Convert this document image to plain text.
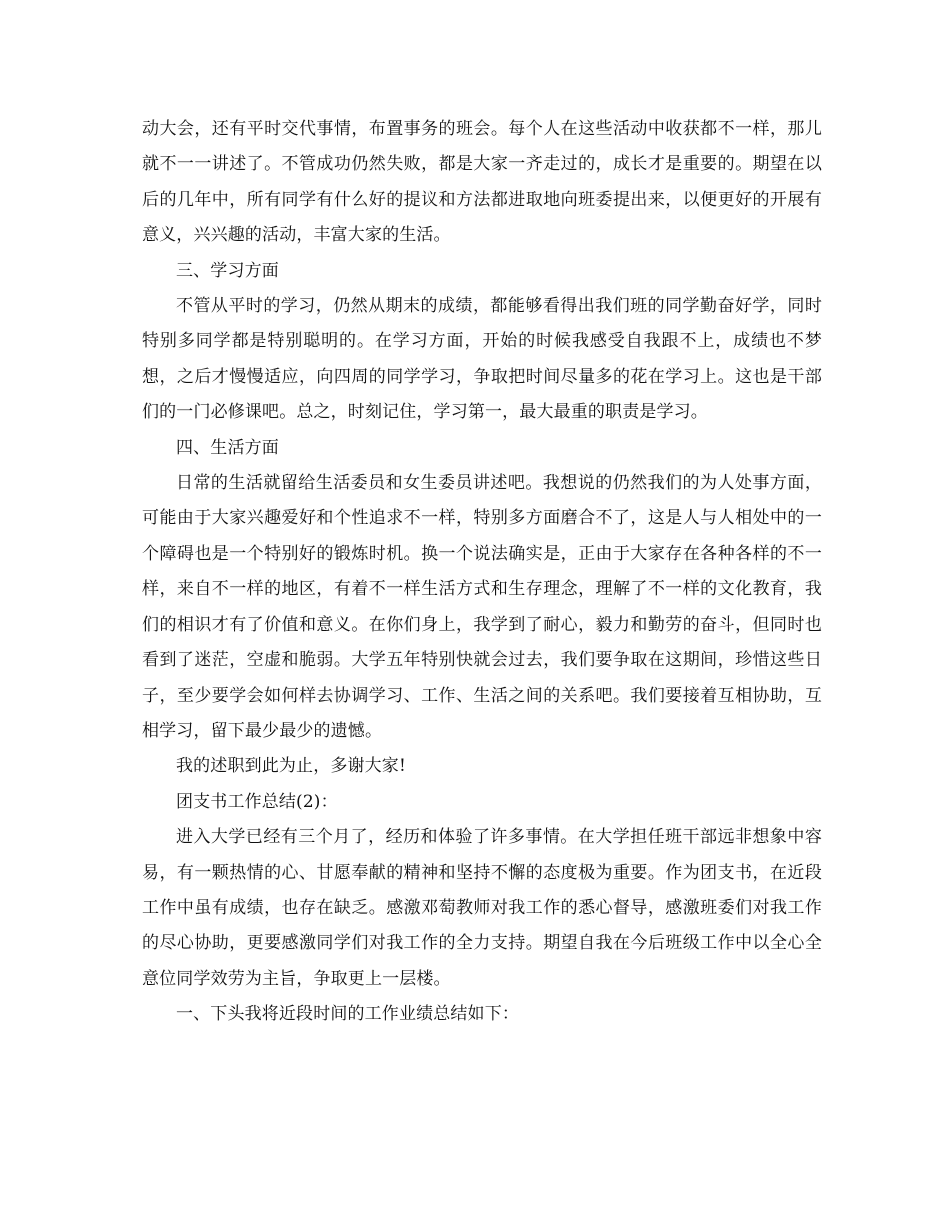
动大会，还有平时交代事情，布置事务的班会。每个人在这些活动中收获都不一样，那儿就不一一讲述了。不管成功仍然失败，都是大家一齐走过的，成长才是重要的。期望在以后的几年中，所有同学有什么好的提议和方法都进取地向班委提出来，以便更好的开展有意义，兴兴趣的活动，丰富大家的生活。

三、学习方面

不管从平时的学习，仍然从期末的成绩，都能够看得出我们班的同学勤奋好学，同时特别多同学都是特别聪明的。在学习方面，开始的时候我感受自我跟不上，成绩也不梦想，之后才慢慢适应，向四周的同学学习，争取把时间尽量多的花在学习上。这也是干部们的一门必修课吧。总之，时刻记住，学习第一，最大最重的职责是学习。

四、生活方面

日常的生活就留给生活委员和女生委员讲述吧。我想说的仍然我们的为人处事方面，可能由于大家兴趣爱好和个性追求不一样，特别多方面磨合不了，这是人与人相处中的一个障碍也是一个特别好的锻炼时机。换一个说法确实是，正由于大家存在各种各样的不一样，来自不一样的地区，有着不一样生活方式和生存理念，理解了不一样的文化教育，我们的相识才有了价值和意义。在你们身上，我学到了耐心，毅力和勤劳的奋斗，但同时也看到了迷茫，空虚和脆弱。大学五年特别快就会过去，我们要争取在这期间，珍惜这些日子，至少要学会如何样去协调学习、工作、生活之间的关系吧。我们要接着互相协助，互相学习，留下最少最少的遗憾。

我的述职到此为止，多谢大家!

团支书工作总结(2)：

进入大学已经有三个月了，经历和体验了许多事情。在大学担任班干部远非想象中容易，有一颗热情的心、甘愿奉献的精神和坚持不懈的态度极为重要。作为团支书，在近段工作中虽有成绩，也存在缺乏。感激邓萄教师对我工作的悉心督导，感激班委们对我工作的尽心协助，更要感激同学们对我工作的全力支持。期望自我在今后班级工作中以全心全意位同学效劳为主旨，争取更上一层楼。

一、下头我将近段时间的工作业绩总结如下：
